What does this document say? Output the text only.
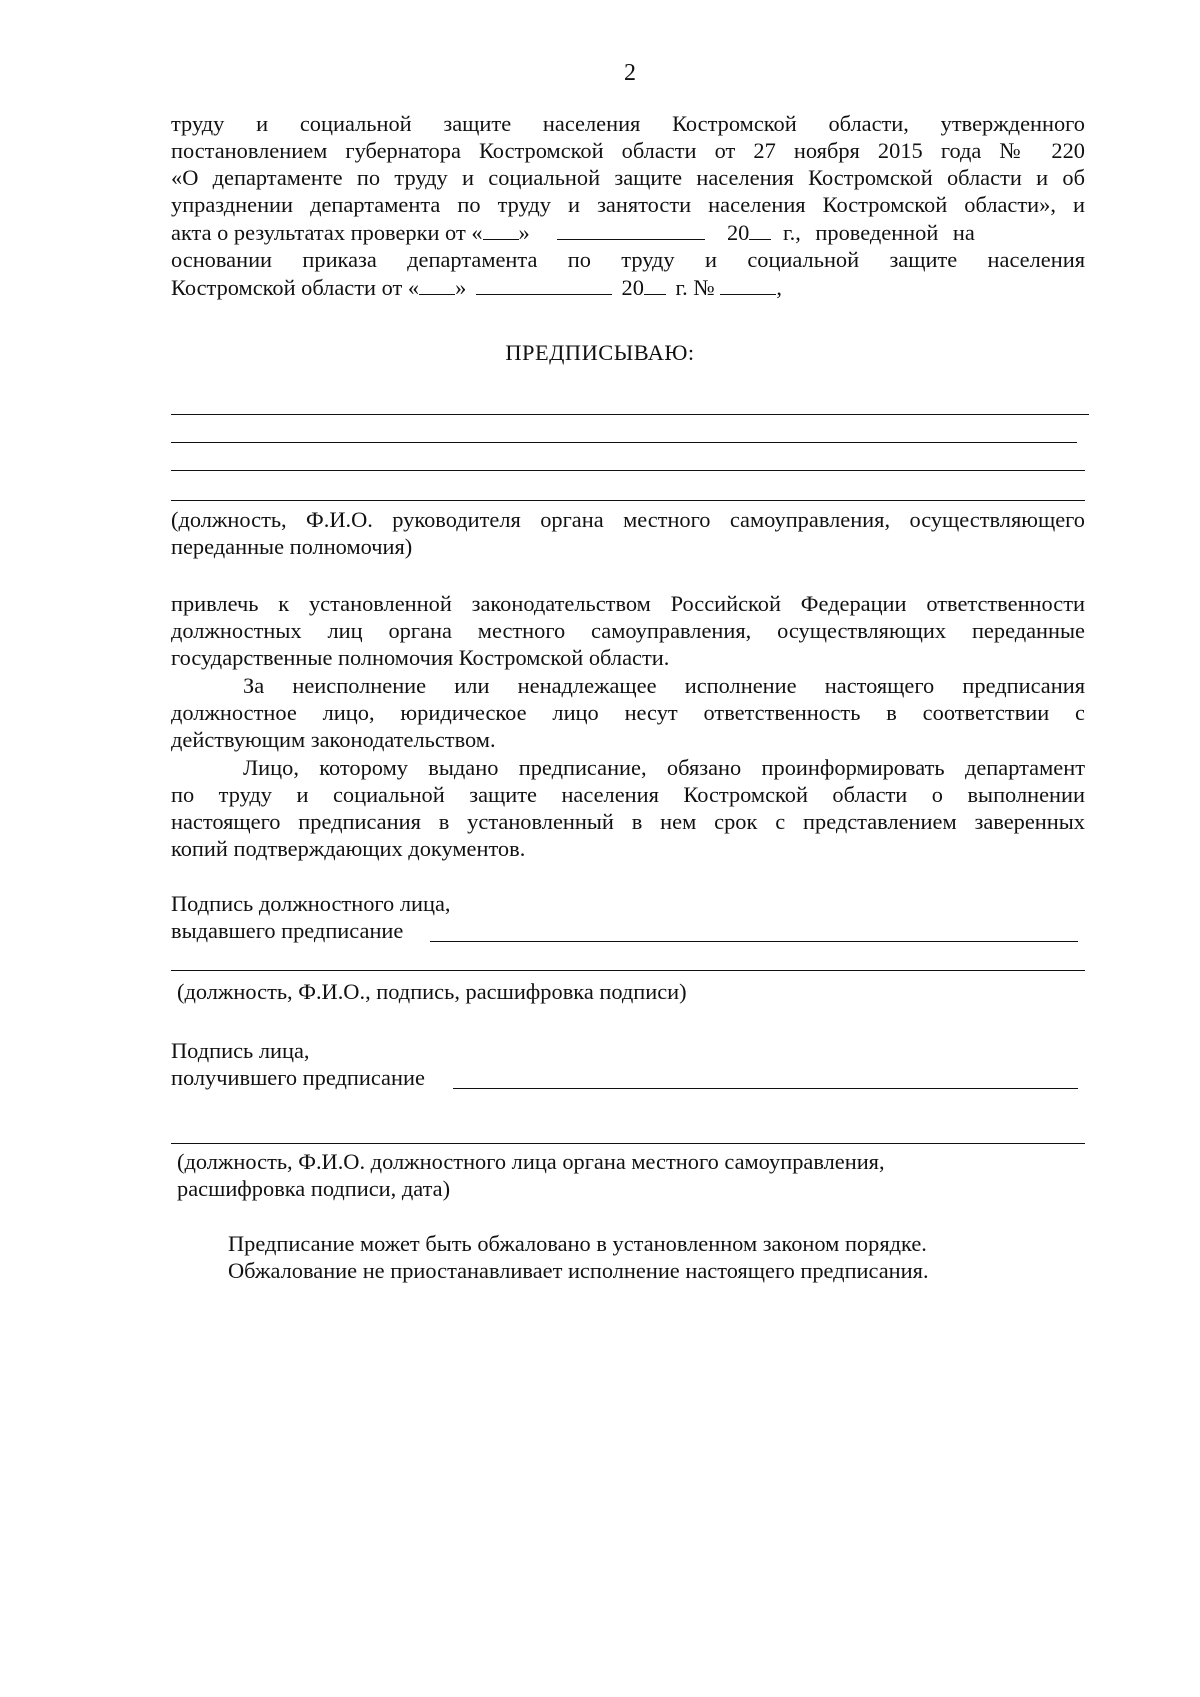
2
труду и социальной защите населения Костромской области, утвержденного
постановлением губернатора Костромской области от 27 ноября 2015 года № 220
«О департаменте по труду и социальной защите населения Костромской области и об
упразднении департамента по труду и занятости населения Костромской области», и
акта о результатах проверки от « »	20 г., проведенной на
основании приказа департамента по труду и социальной защите населения
Костромской области от « »	20 г. №	,
ПРЕДПИСЫВАЮ:
(должность, Ф.И.О. руководителя органа местного самоуправления, осуществляющего
переданные полномочия)
привлечь к установленной законодательством Российской Федерации ответственности
должностных лиц органа местного самоуправления, осуществляющих переданные
государственные полномочия Костромской области.
За неисполнение или ненадлежащее исполнение настоящего предписания
должностное лицо, юридическое лицо несут ответственность в соответствии с
действующим законодательством.
Лицо, которому выдано предписание, обязано проинформировать департамент
по труду и социальной защите населения Костромской области о выполнении
настоящего предписания в установленный в нем срок с представлением заверенных
копий подтверждающих документов.
Подпись должностного лица,
выдавшего предписание
(должность, Ф.И.О., подпись, расшифровка подписи)
Подпись лица,
получившего предписание
(должность, Ф.И.О. должностного лица органа местного самоуправления,
расшифровка подписи, дата)
Предписание может быть обжаловано в установленном законом порядке.
Обжалование не приостанавливает исполнение настоящего предписания.
